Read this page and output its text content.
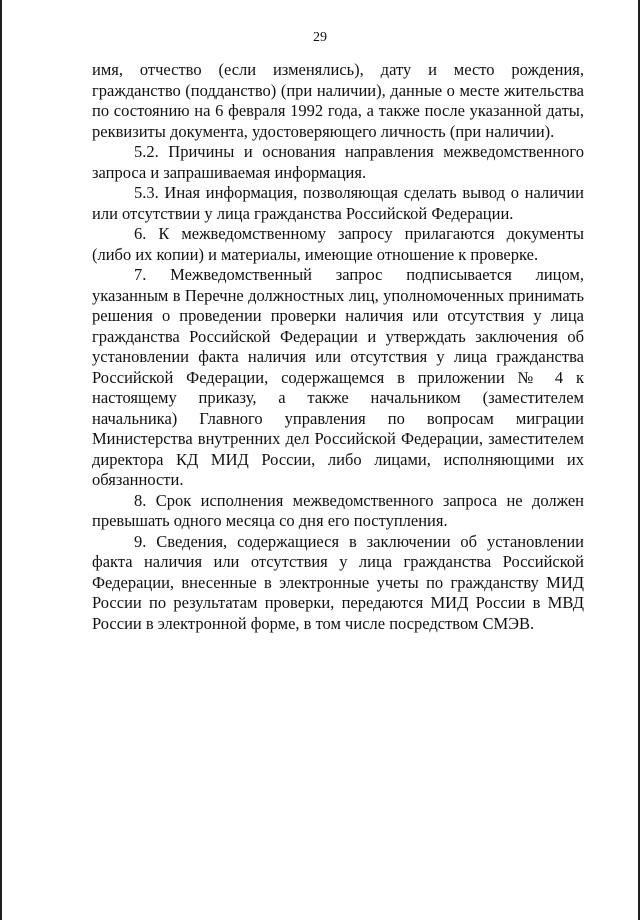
29

имя, отчество (если изменялись), дату и место рождения, гражданство (подданство) (при наличии), данные о месте жительства по состоянию на 6 февраля 1992 года, а также после указанной даты, реквизиты документа, удостоверяющего личность (при наличии).

5.2. Причины и основания направления межведомственного запроса и запрашиваемая информация.

5.3. Иная информация, позволяющая сделать вывод о наличии или отсутствии у лица гражданства Российской Федерации.

6. К межведомственному запросу прилагаются документы (либо их копии) и материалы, имеющие отношение к проверке.

7. Межведомственный запрос подписывается лицом, указанным в Перечне должностных лиц, уполномоченных принимать решения о проведении проверки наличия или отсутствия у лица гражданства Российской Федерации и утверждать заключения об установлении факта наличия или отсутствия у лица гражданства Российской Федерации, содержащемся в приложении № 4 к настоящему приказу, а также начальником (заместителем начальника) Главного управления по вопросам миграции Министерства внутренних дел Российской Федерации, заместителем директора КД МИД России, либо лицами, исполняющими их обязанности.

8. Срок исполнения межведомственного запроса не должен превышать одного месяца со дня его поступления.

9. Сведения, содержащиеся в заключении об установлении факта наличия или отсутствия у лица гражданства Российской Федерации, внесенные в электронные учеты по гражданству МИД России по результатам проверки, передаются МИД России в МВД России в электронной форме, в том числе посредством СМЭВ.
